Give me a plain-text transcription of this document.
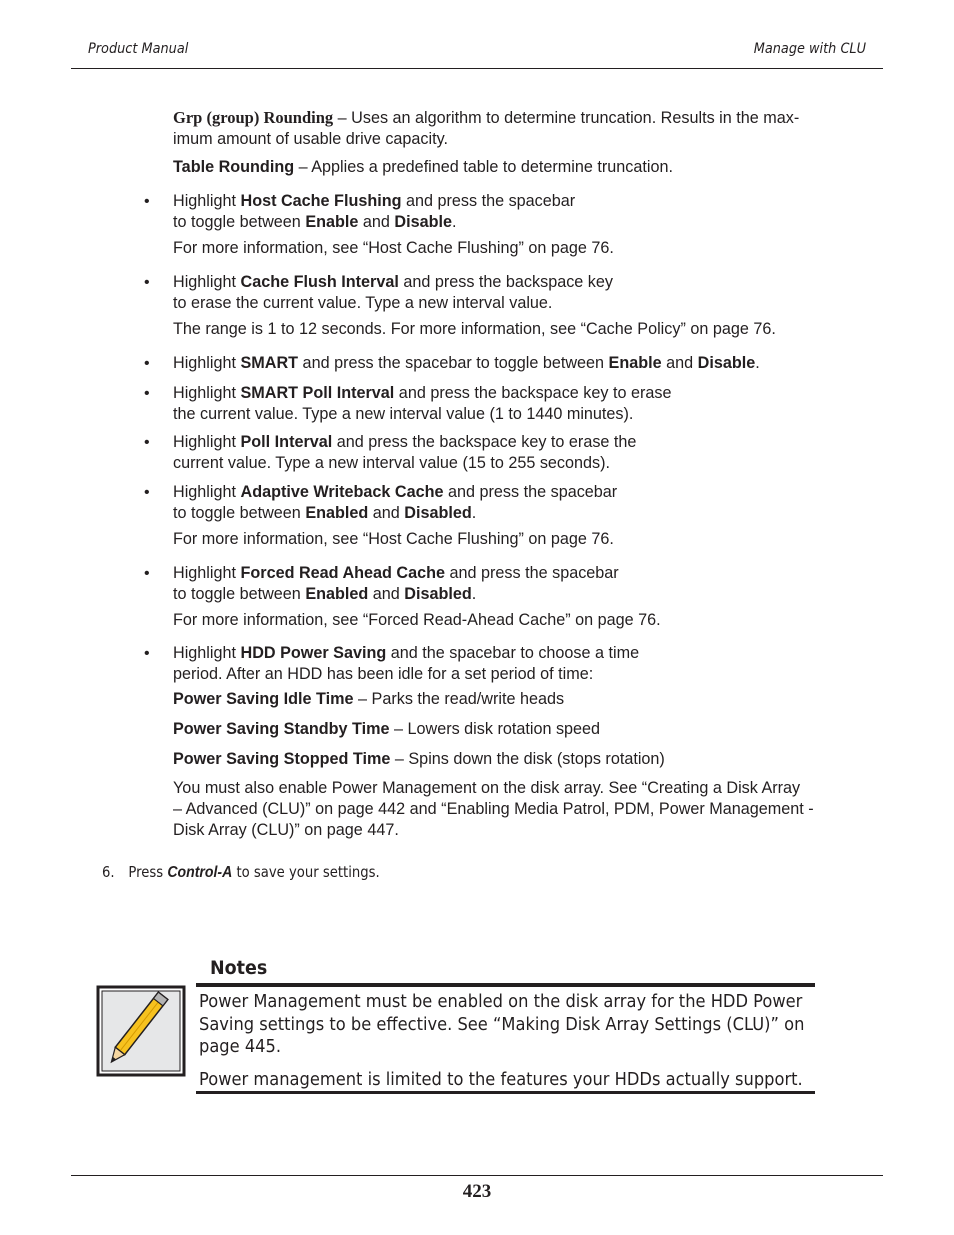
Product Manual	Manage with CLU
Grp (group) Rounding – Uses an algorithm to determine truncation. Results in the max-
imum amount of usable drive capacity.
Table Rounding – Applies a predefined table to determine truncation.
• Highlight Host Cache Flushing and press the spacebar
to toggle between Enable and Disable.
For more information, see “Host Cache Flushing” on page 76.
• Highlight Cache Flush Interval and press the backspace key
to erase the current value. Type a new interval value.
The range is 1 to 12 seconds. For more information, see “Cache Policy” on page 76.
• Highlight SMART and press the spacebar to toggle between Enable and Disable.
• Highlight SMART Poll Interval and press the backspace key to erase
the current value. Type a new interval value (1 to 1440 minutes).
• Highlight Poll Interval and press the backspace key to erase the
current value. Type a new interval value (15 to 255 seconds).
• Highlight Adaptive Writeback Cache and press the spacebar
to toggle between Enabled and Disabled.
For more information, see “Host Cache Flushing” on page 76.
• Highlight Forced Read Ahead Cache and press the spacebar
to toggle between Enabled and Disabled.
For more information, see “Forced Read-Ahead Cache” on page 76.
• Highlight HDD Power Saving and the spacebar to choose a time
period. After an HDD has been idle for a set period of time:
Power Saving Idle Time – Parks the read/write heads
Power Saving Standby Time – Lowers disk rotation speed
Power Saving Stopped Time – Spins down the disk (stops rotation)
You must also enable Power Management on the disk array. See “Creating a Disk Array
– Advanced (CLU)” on page 442 and “Enabling Media Patrol, PDM, Power Management -
Disk Array (CLU)” on page 447.
6. Press Control-A to save your settings.
Notes
Power Management must be enabled on the disk array for the HDD Power
Saving settings to be effective. See “Making Disk Array Settings (CLU)” on
page 445.
Power management is limited to the features your HDDs actually support.
423
